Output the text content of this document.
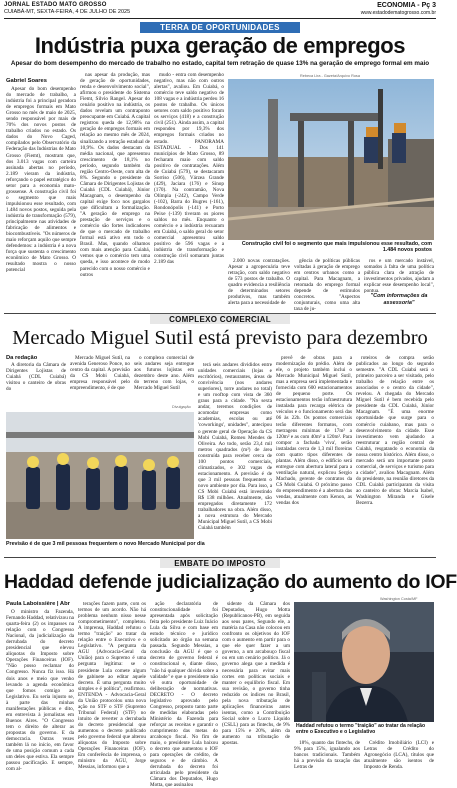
JORNAL ESTADO MATO GROSSO
CUIABÁ-MT, SEXTA-FEIRA, 4 DE JULHO DE 2025
ECONOMIA - Pç 3
www.estadodematogrosso.com.br
TERRA DE OPORTUNIDADES
Indústria puxa geração de empregos
Apesar do bom desempenho do mercado de trabalho no estado, capital tem retração de quase 13% na geração de emprego formal em maio
Gabriel Soares

Apesar do bom desempenho do mercado de trabalho, a indústria foi a principal geradora de empregos formais em Mato Grosso no mês de maio de 2025, sendo responsável por mais de 70% dos novos postos de trabalho criados no estado. Os dados do Novo Caged, compilados pelo Observatório da Federação das Indústrias de Mato Grosso (Fiemt), mostram que, dos 3.013 vagas com carteira assinada abertas no período, 2.189 vieram da indústria, reforçando o papel estratégico do setor para a economia mato-grossense. A construção civil foi o segmento que mais impulsionou esse resultado, com 1.484 novos postos, seguida pela indústria de transformação (579), principalmente nas atividades de fabricação de alimentos e biocombustíveis. "Os números de maio reforçam aquilo que sempre defendemos: a indústria é a nova força que sustenta o crescimento econômico de Mato Grosso. O resultado mostra o nosso potencial

nas apesar da produção, mas de geração de oportunidades, renda e desenvolvimento social", afirmou o presidente do Sistema Fiemt, Silvio Rangel. Apesar do cenário positivo na indústria, os dados revelam um contraponto preocupante em Cuiabá. A capital registrou queda de 12,98% na geração de empregos formais em relação ao mesmo mês de 2024, sinalizando a retração estadual de 10,9%. Os dados destacam da média nacional, que apresentou crescimento de 18,1% no período, segundo também da região Centro-Oeste, com alta de 8%. Segundo o presidente da Câmara de Dirigentes Lojistas de Cuiabá (CDL Cuiabá), Júnior Macagnam, o desempenho da capital exige foco nos gargalos que dificultam a formalização. "A geração de emprego na prestação de serviços e o comércio são fortes indicadores de que o mercado de trabalho formal está ativo em todo o Brasil. Mas, quando olhamos com mais atenção para Cuiabá, vemos que o comércio tem uma queda, e isso acontece de modo parecido com o nosso comércio e outros

mudo - entra com desempenho negativo, mas não com outros alertas", avaliou. Em Cuiabá, o comércio teve saldo negativo de 108 vagas e a indústria perdeu 16 postos de trabalho. Os únicos setores com saldo positivo foram os serviços (418) e a construção civil (251). Ainda assim, a capital respondeu por 19,3% dos empregos formais criados no estado. PANORAMA ESTADUAL - Dos 141 municípios de Mato Grosso, 89 fecharam maio com saldo positivo de contratações. Além de Cuiabá (579), se destacaram Sorriso (506), Várzea Grande (429), Jaciara (176) e Sinop (170). Na contramão, Nova Olímpia (-242), Campo Verde (-102), Barra do Bugres (-161), Rondonópolis (-141) e Porto Peixe (-139) tiveram os piores saldos no mês. Enquanto o comércio e a indústria recuaram em Cuiabá, o saldo geral do setor comercial apresentou saldo positivo de 596 vagas e a indústria de transformação e construção civil somaram juntas 2.189 das

Rebeca Lira - Gazeta/Arquivo Rosa
Construção civil foi o segmento que mais impulsionou esse resultado, com 1.484 novos postos

2.000 novas contratações. Apesar a agropecuária teve retração, com saldo negativo de 573 postos de trabalho. O quadro evidencia a resiliência de determinados setores produtivos, mas também alerta para a necessidade de

gência de políticas públicas voltadas à geração de emprego em centros urbanos como a capital. Para Macagnam, a retomada do emprego formal depende de estímulos concretos. "Aspectos conjunturais, como uma alta taxa de ju-

ros e um mercado instável, somados à falta de uma política pública clara de atração de investimentos privados, ajudam a explicar esse desempenho local", pontua.

"Com informações da assessoria"
COMPLEXO COMERCIAL
Mercado Miguel Sutil está previsto para dezembro
Da redação

A diretoria da Câmara de Dirigentes Lojistas de Cuiabá (CDL Cuiabá) visitou o canteiro de obras do

Mercado Miguel Sutil, na avenida Generoso Ponce, no centro da capital. A previsão da CS Mobi Cuiabá, empresa responsável pelo empreendimento, é de que

o complexo comercial de seis andares seja entregue aos futuros lojistas em dezembro deste ano. Além do terreno com lojas, o Mercado Miguel Sutil

Divulgação
Previsão é de que 3 mil pessoas frequentem o novo Mercado Municipal por dia

terá seis andares divididos entre unidades comerciais (lojas e escritórios), restaurantes, áreas de convivência (nos andares superiores), torre andares no total) e um rooftop com vista de 360 graus para a cidade. "Na sexta andar, teremos condições de acomodar empresas como academias, escolas ou até 'coworkings', unidades", antecipou o gerente geral de Operação da CS Mobi Cuiabá, Romeu Mendes de Oliveira. Ao todo, serão 23,4 mil metros quadrados (m²) de área construída para receber cerca de 100 pontos comerciais, climatizados, e 302 vagas de estacionamento. A previsão é de que 3 mil pessoas frequentem o novo ambiente por dia. Para isso, a CS Mobi Cuiabá está investindo R$ 138 milhões. Atualmente, são empregados diretamente 172 trabalhadores na obra. Além disso, a nova estrutura do Mercado Municipal Miguel Sutil, a CS Mobi Cuiabá também

prevê de obras para a modernização do prédio. Além de ele, o projeto também inclui o Mercado Municipal Miguel Sutil, mas a empresa será implementada e fornecida com 600 estacionamentos de pequeno porte. Os estacionamentos terão infraestrutura instalada para recarga elétrica de veículos e o funcionamento será das 06 às 22h. Os pontos comerciais terão diferentes formatos, com metragens mínimas de 17m² a 120m² e as com 40m² a 120m². Para compor a fachada 'viva', serão instaladas cerca de 1,3 mil floreiras com quatro tipos diferentes de plantas. Além disso, o edifício será entregue com abertura lateral para a ventilação natural, explicou Sergio Machado, gerente de contratos da CS Mobi Cuiabá. O próximo passo do empreendimento é a abertura das vendas, atualmente com Kenon, as vendas dos

roteiros de compra serão publicados ao longo do segundo semestre. "A CDL Cuiabá será o primeiro parceiro a ser visitado, pelo trabalho de relação entre os associados e o centro da cidade", revelou. A chegada do Mercado Miguel Sutil é bem recebida pelo presidente da CDL Cuiabá, Júnior Macagnam. "É uma enorme oportunidade que surge para o comércio cuiabano, mas para o desenvolvimento da cidade. Esse investimento vem ajudando a reestruturar a região central de Cuiabá, resgatando o economia da nossa centro histórico. Além disso, o mercado será um importante ponto comercial, de serviços e turismo para a cidade", avaliou Macagnam. Além do presidente, na reunião diretores da CDL Cuiabá participaram da visita ao canteiro de obras: Marcia Isabel, Washington Miranda e Gisele Bezerra.

EMBATE DO IMPOSTO
Haddad defende judicialização do aumento do IOF
Paula Laboissière | Abr

O ministro da Fazenda, Fernando Haddad, relativizou na quarta-feira (2) os impasses na relação com o Congresso Nacional, da judicialização da derrubada do decreto presidencial que elevou alíquotas do Imposto sobre Operações Financeiras (IOF). "Não posso reclamar do Congresso. Nunca fiz isso. Há dois anos e meio que venho levando a agenda econômica que fomos comigo ao Legislativo. Eu seria injusto se, à parte das minhas manifestações públicas e dito, em entrevista à jornalistas em Buenos Aires. "O Congresso tem o direito de alterar as propostas do governo. E da democracia. Outras vezes também lá no início, em favor de uma posição comum a cada um deles que estiva. Ela sempre passou pacificação. E sempre, com al-

terações fazem parte, com os termos de um acordo. Não há problema nenhum nisso nesse comprometimento", completou. A imprensa, Haddad refutou o termo "traição" ao tratar da relação entre o Executivo e o Legislativo. "A pergunta da AGU (Advocacia-Geral da União) para o Supremo é uma pergunta legítima: se o presidente Lula comete algum de gabinete ao editar aquele decreto. É uma pergunta muito simples e é política", reafirmou. ENTENDA - Advocacia-Geral da União protocolou uma nova ação no STF o STF (Supremo Tribunal Federal) (STF) no intuito de reverter a derrubada do decreto presidencial que aumentou o decreto publicado pelo governo federal que alterou alíquotas do Imposto sobre Operações Financeiras (IOF). Em conferência de imprensa, o ministro da AGU, Jorge Messias, informou que a

ação declaratória de constitucionalidade foi apresentada após solicitação feita pelo presidente Luiz Inácio Lula da Silva e com base em estudo técnico e jurídico solicitado ao órgão na semana passada. Segundo Messias, a conclusão da AGU é que o decreto de governo federal é constitucional e, diante disso, "não há qualquer dúvida sobre a validade" e que o presidente não vê outra oportunidade de deliberação de normativas. DECRETO - O decreto legislativo aprovado pelo Congresso, proposto tanto parte de medidas elaboradas pelo Ministério da Fazenda para reforçar as receitas e garantir o cumprimento das metas do arcabouço fiscal. No fim de maio, o presidente Lula baixou o decreto que aumentou o IOF para operações de crédito, de seguros e de câmbio. A derrubada do decreto foi articulada pelo presidente da Câmara dos Deputados, Hugo Motta, que assinalou

sidente da Câmara dos Deputados, Hugo Motta (Republicanos-PB), em seguida aos seus pares, Segundo ele, a matéria na Casa não colocou em confronto os objetivos do IOF com o aumento em partir para o que ele quer fazer a um governo, a um arcabouço fiscal ou em um cenário político. Já o governo alega que a medida é necessária para evitar mais cortes em políticas sociais e manter o equilíbrio fiscal. Em sua revisão, o governo tinha reduzido os índices no Brasil, pela nova tributação de aplicações financeiras antes isentas, como a Contribuição Social sobre o Lucro Líquido (CSLL) para as fintechs, de 9% para 15% e 20%, além da aumento na tributação de apostas.

Washington Costa/MF
Haddad refutou o termo "traição" ao tratar da relação entre o Executivo e o Legislativo

18%, quanto das fintechs, de 9% para 15%, igualando aos bancos tradicionais. Também há a previsão da taxação das Letras de

Crédito Imobiliário (LCI) e Letras de Crédito do Agronegócio (LCA), títulos que atualmente são isentos de Imposto de Renda.
